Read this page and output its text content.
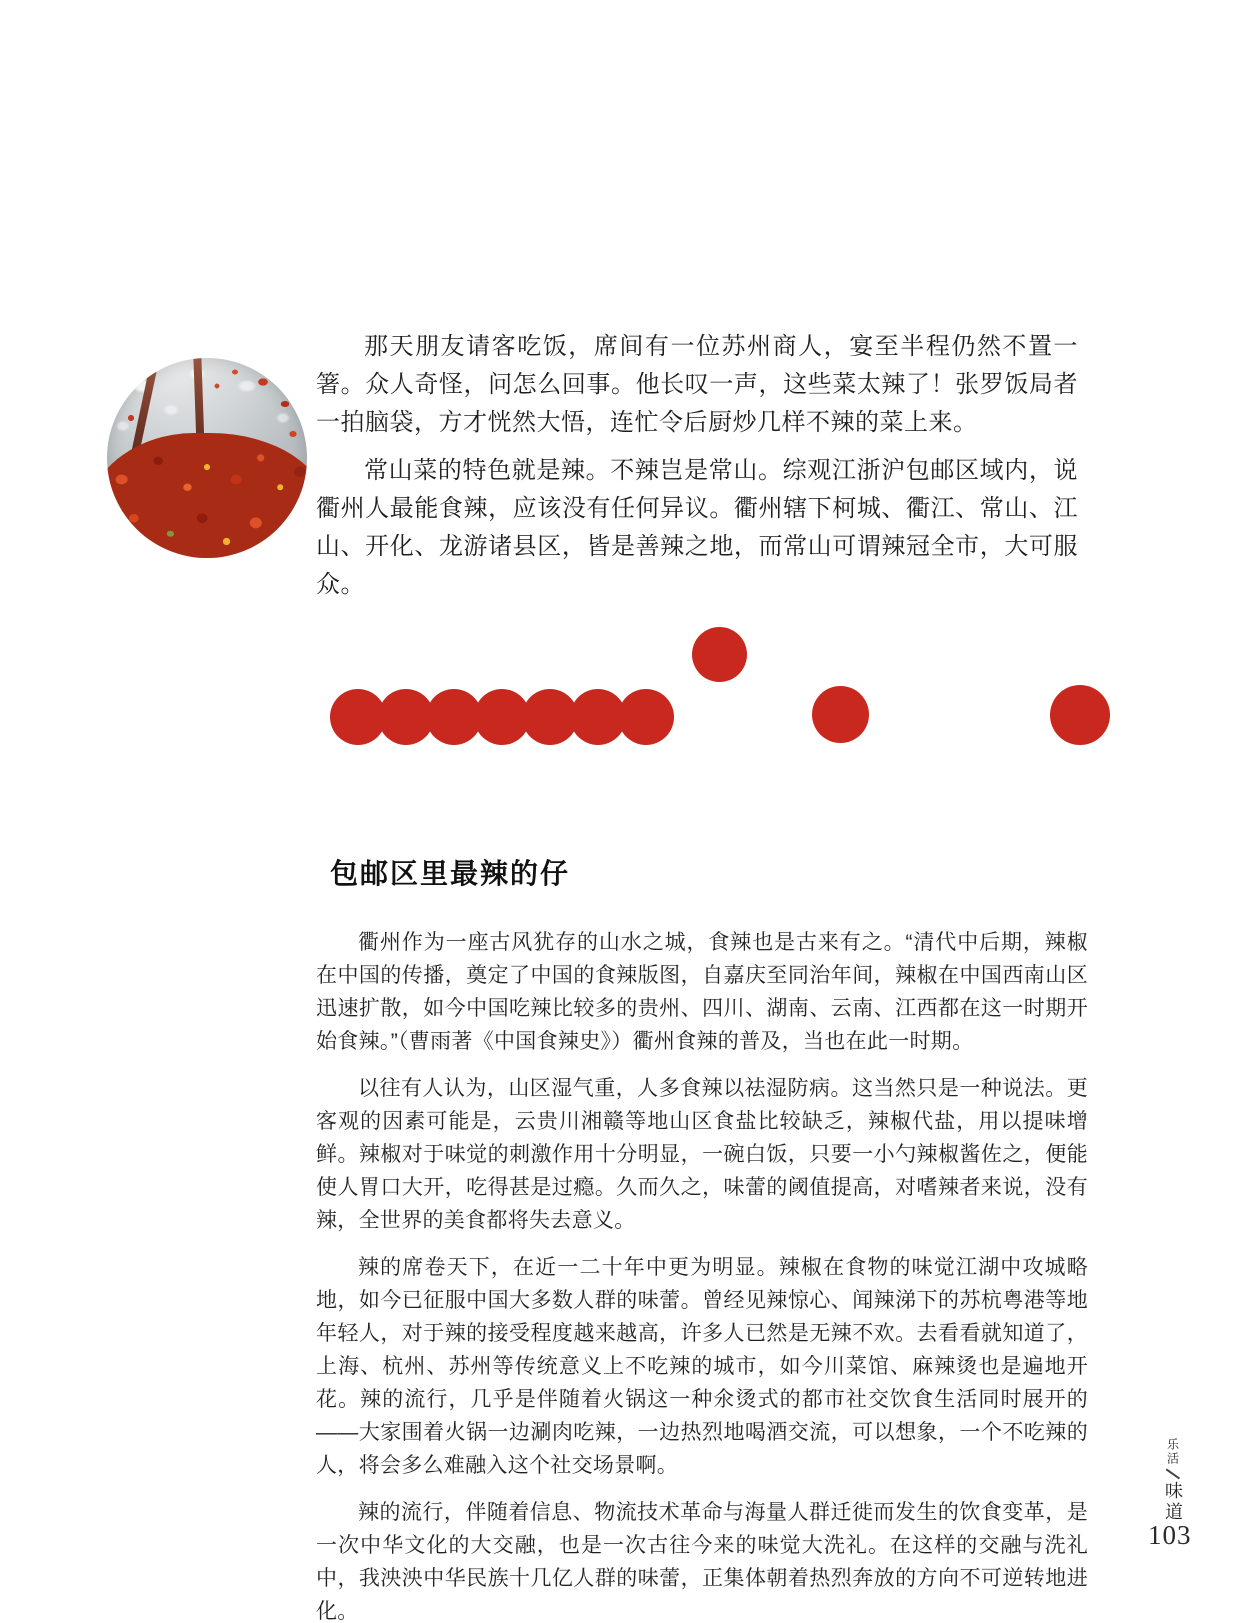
那天朋友请客吃饭，席间有一位苏州商人，宴至半程仍然不置一箸。众人奇怪，问怎么回事。他长叹一声，这些菜太辣了！张罗饭局者一拍脑袋，方才恍然大悟，连忙令后厨炒几样不辣的菜上来。

常山菜的特色就是辣。不辣岂是常山。综观江浙沪包邮区域内，说衢州人最能食辣，应该没有任何异议。衢州辖下柯城、衢江、常山、江山、开化、龙游诸县区，皆是善辣之地，而常山可谓辣冠全市，大可服众。

包邮区里最辣的仔

衢州作为一座古风犹存的山水之城，食辣也是古来有之。“清代中后期，辣椒在中国的传播，奠定了中国的食辣版图，自嘉庆至同治年间，辣椒在中国西南山区迅速扩散，如今中国吃辣比较多的贵州、四川、湖南、云南、江西都在这一时期开始食辣。”（曹雨著《中国食辣史》）衢州食辣的普及，当也在此一时期。

以往有人认为，山区湿气重，人多食辣以祛湿防病。这当然只是一种说法。更客观的因素可能是，云贵川湘赣等地山区食盐比较缺乏，辣椒代盐，用以提味增鲜。辣椒对于味觉的刺激作用十分明显，一碗白饭，只要一小勺辣椒酱佐之，便能使人胃口大开，吃得甚是过瘾。久而久之，味蕾的阈值提高，对嗜辣者来说，没有辣，全世界的美食都将失去意义。

辣的席卷天下，在近一二十年中更为明显。辣椒在食物的味觉江湖中攻城略地，如今已征服中国大多数人群的味蕾。曾经见辣惊心、闻辣涕下的苏杭粤港等地年轻人，对于辣的接受程度越来越高，许多人已然是无辣不欢。去看看就知道了，上海、杭州、苏州等传统意义上不吃辣的城市，如今川菜馆、麻辣烫也是遍地开花。辣的流行，几乎是伴随着火锅这一种氽烫式的都市社交饮食生活同时展开的——大家围着火锅一边涮肉吃辣，一边热烈地喝酒交流，可以想象，一个不吃辣的人，将会多么难融入这个社交场景啊。

辣的流行，伴随着信息、物流技术革命与海量人群迁徙而发生的饮食变革，是一次中华文化的大交融，也是一次古往今来的味觉大洗礼。在这样的交融与洗礼中，我泱泱中华民族十几亿人群的味蕾，正集体朝着热烈奔放的方向不可逆转地进化。

乐活
味道
103
